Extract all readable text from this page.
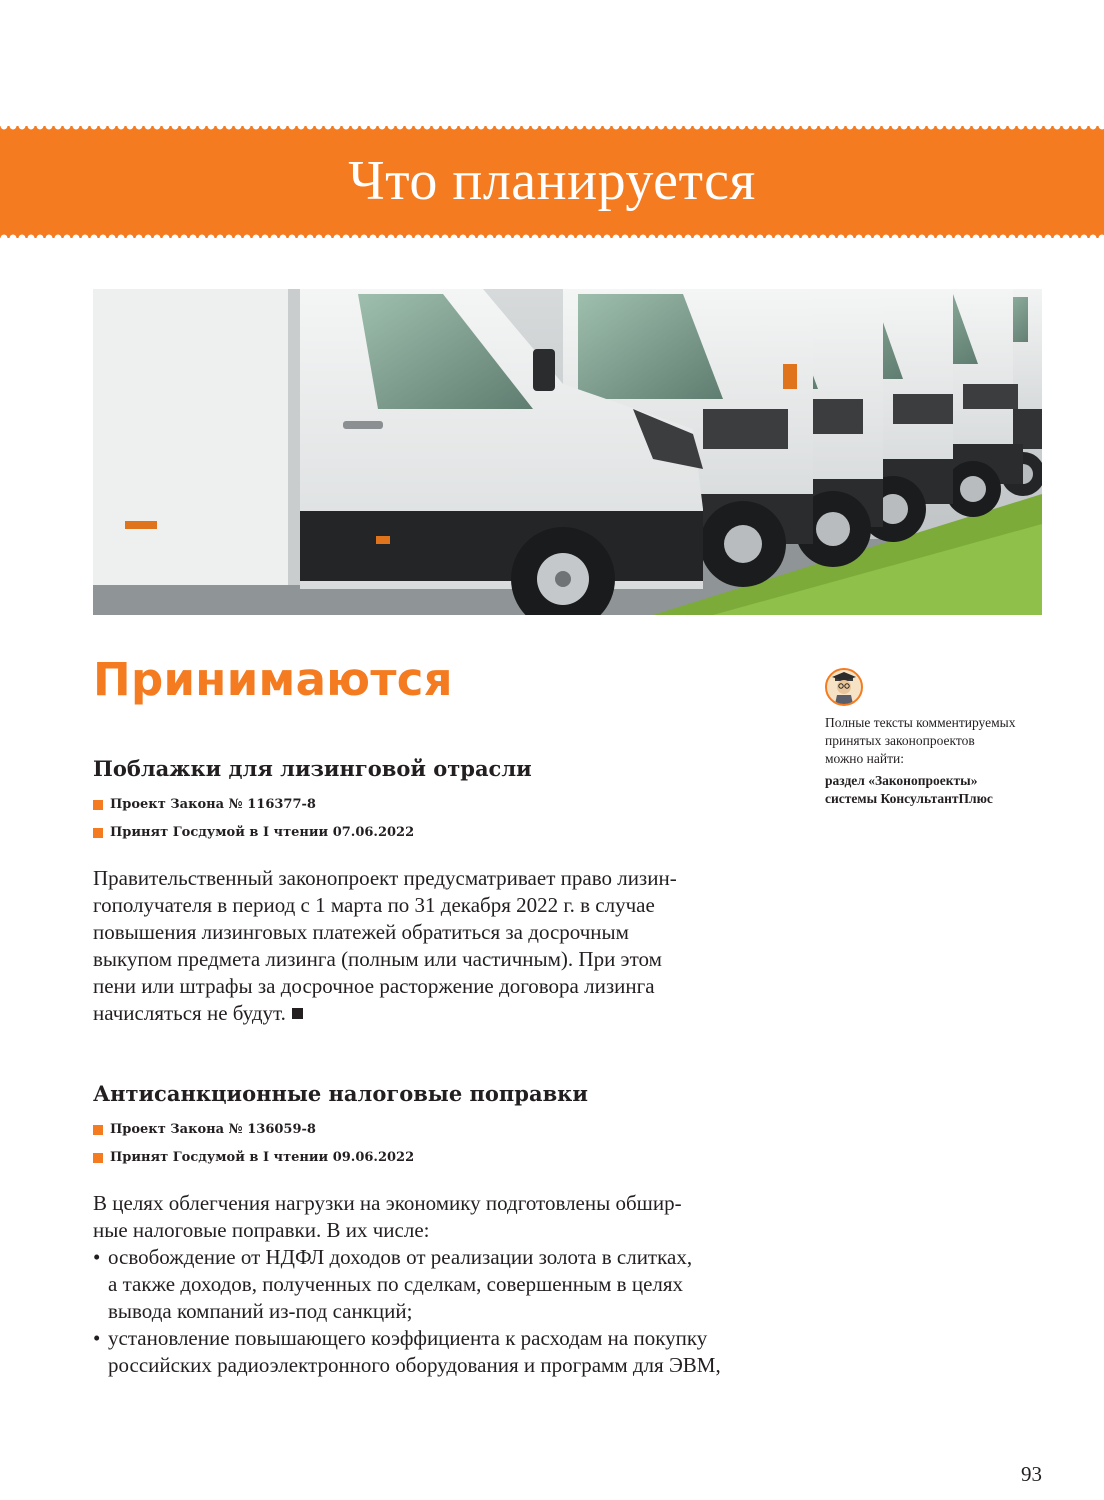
Что планируется
Принимаются
Поблажки для лизинговой отрасли
Проект Закона № 116377-8
Принят Госдумой в I чтении 07.06.2022
Правительственный законопроект предусматривает право лизин-
гополучателя в период с 1 марта по 31 декабря 2022 г. в случае
повышения лизинговых платежей обратиться за досрочным
выкупом предмета лизинга (полным или частичным). При этом
пени или штрафы за досрочное расторжение договора лизинга
начисляться не будут.
Антисанкционные налоговые поправки
Проект Закона № 136059-8
Принят Госдумой в I чтении 09.06.2022
В целях облегчения нагрузки на экономику подготовлены обшир-
ные налоговые поправки. В их числе:
• освобождение от НДФЛ доходов от реализации золота в слитках,
а также доходов, полученных по сделкам, совершенным в целях
вывода компаний из-под санкций;
• установление повышающего коэффициента к расходам на покупку
российских радиоэлектронного оборудования и программ для ЭВМ,
Полные тексты комментируемых
принятых законопроектов
можно найти:
раздел «Законопроекты»
системы КонсультантПлюс
93
